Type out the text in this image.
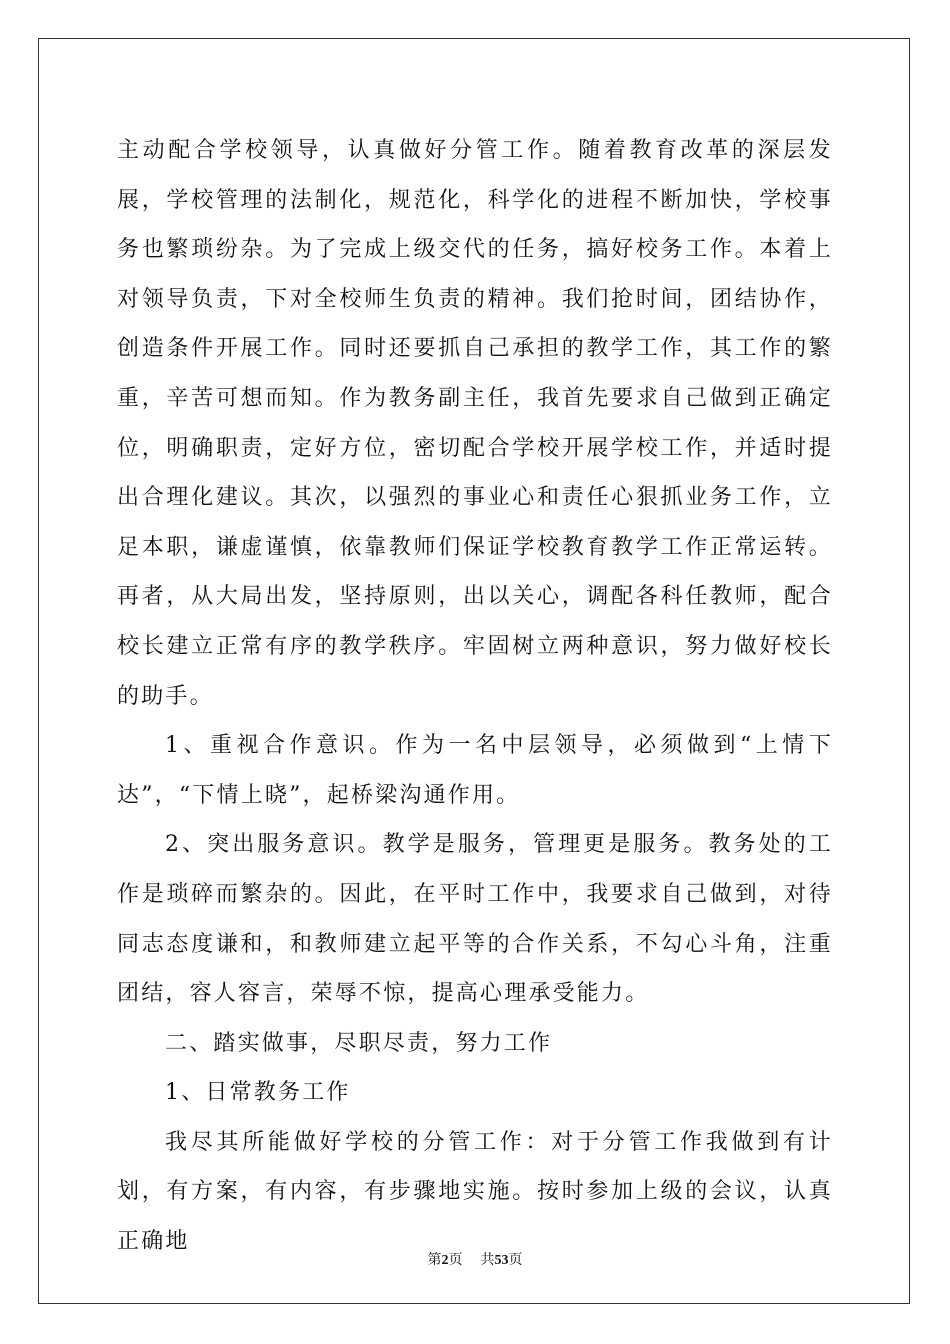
主动配合学校领导，认真做好分管工作。随着教育改革的深层发展，学校管理的法制化，规范化，科学化的进程不断加快，学校事务也繁琐纷杂。为了完成上级交代的任务，搞好校务工作。本着上对领导负责，下对全校师生负责的精神。我们抢时间，团结协作，创造条件开展工作。同时还要抓自己承担的教学工作，其工作的繁重，辛苦可想而知。作为教务副主任，我首先要求自己做到正确定位，明确职责，定好方位，密切配合学校开展学校工作，并适时提出合理化建议。其次，以强烈的事业心和责任心狠抓业务工作，立足本职，谦虚谨慎，依靠教师们保证学校教育教学工作正常运转。再者，从大局出发，坚持原则，出以关心，调配各科任教师，配合校长建立正常有序的教学秩序。牢固树立两种意识，努力做好校长的助手。

1、重视合作意识。作为一名中层领导，必须做到“上情下达”，“下情上晓”，起桥梁沟通作用。

2、突出服务意识。教学是服务，管理更是服务。教务处的工作是琐碎而繁杂的。因此，在平时工作中，我要求自己做到，对待同志态度谦和，和教师建立起平等的合作关系，不勾心斗角，注重团结，容人容言，荣辱不惊，提高心理承受能力。

二、踏实做事，尽职尽责，努力工作

1、日常教务工作

我尽其所能做好学校的分管工作：对于分管工作我做到有计划，有方案，有内容，有步骤地实施。按时参加上级的会议，认真正确地

第2页 共53页
